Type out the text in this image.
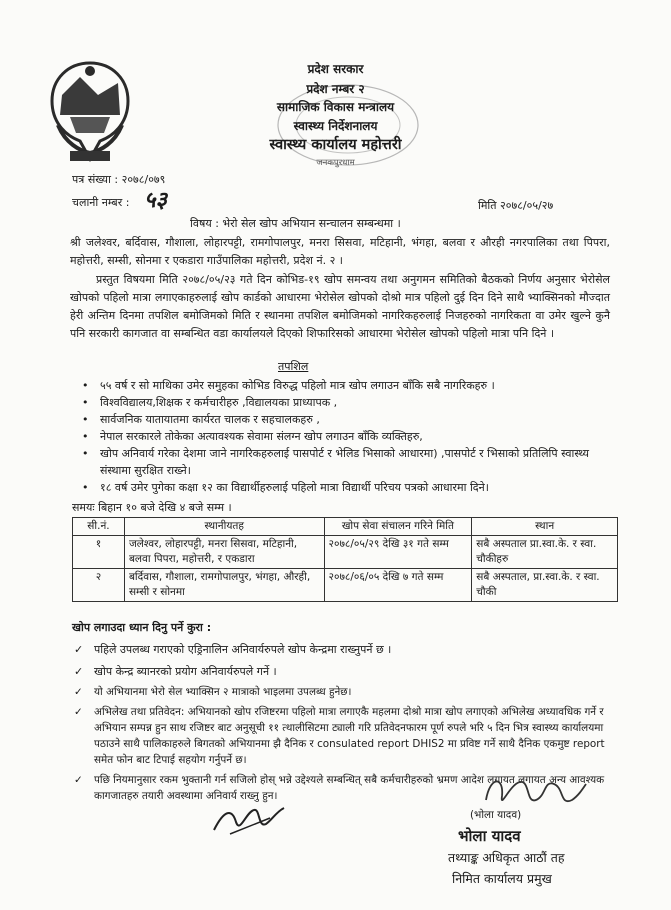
प्रदेश सरकार
प्रदेश नम्बर २
सामाजिक विकास मन्त्रालय
स्वास्थ्य निर्देशनालय
स्वास्थ्य कार्यालय महोत्तरी
जनकपुरधाम
पत्र संख्या : २०७८/०७९
चलानी नम्बर : ५३	मिति २०७८/०५/२७
विषय : भेरो सेल खोप अभियान सन्चालन सम्बन्धमा ।
श्री जलेश्वर, बर्दिवास, गौशाला, लोहारपट्टी, रामगोपालपुर, मनरा सिसवा, मटिहानी, भंगहा, बलवा र औरही नगरपालिका तथा पिपरा, महोत्तरी, सम्सी, सोनमा र एकडारा गाउँपालिका महोत्तरी, प्रदेश नं. २ ।
प्रस्तुत विषयमा मिति २०७८/०५/२३ गते दिन कोभिड-१९ खोप समन्वय तथा अनुगमन समितिको बैठकको निर्णय अनुसार भेरोसेल खोपको पहिलो मात्रा लगाएकाहरुलाई खोप कार्डको आधारमा भेरोसेल खोपको दोश्रो मात्र पहिलो दुई दिन दिने साथै भ्याक्सिनको मौज्दात हेरी अन्तिम दिनमा तपशिल बमोजिमको मिति र स्थानमा तपशिल बमोजिमको नागरिकहरुलाई निजहरुको नागरिकता वा उमेर खुल्ने कुनै पनि सरकारी कागजात वा सम्बन्धित वडा कार्यालयले दिएको शिफारिसको आधारमा भेरोसेल खोपको पहिलो मात्रा पनि दिने ।
तपशिल
• ५५ वर्ष र सो माथिका उमेर समुहका कोभिड विरुद्ध पहिलो मात्र खोप लगाउन बाँकि सबै नागरिकहरु ।
• विश्वविद्यालय,शिक्षक र कर्मचारीहरु ,विद्यालयका प्राध्यापक ,
• सार्वजनिक यातायातमा कार्यरत चालक र सहचालकहरु ,
• नेपाल सरकारले तोकेका अत्यावश्यक सेवामा संलग्न खोप लगाउन बाँकि व्यक्तिहरु,
• खोप अनिवार्य गरेका देशमा जाने नागरिकहरुलाई पासपोर्ट र भेलिड भिसाको आधारमा) ,पासपोर्ट र भिसाको प्रतिलिपि स्वास्थ्य संस्थामा सुरक्षित राख्ने।
• १८ वर्ष उमेर पुगेका कक्षा १२ का विद्यार्थीहरुलाई पहिलो मात्रा विद्यार्थी परिचय पत्रको आधारमा दिने।
समयः बिहान १० बजे देखि ४ बजे सम्म ।
सी.नं.	स्थानीयतह	खोप सेवा संचालन गरिने मिति	स्थान
१	जलेश्वर, लोहारपट्टी, मनरा सिसवा, मटिहानी, बलवा पिपरा, महोत्तरी, र एकडारा	२०७८/०५/२९ देखि ३१ गते सम्म	सबै अस्पताल प्रा.स्वा.के. र स्वा. चौकीहरु
२	बर्दिवास, गौशाला, रामगोपालपुर, भंगहा, औरही, सम्सी र सोनमा	२०७८/०६/०५ देखि ७ गते सम्म	सबै अस्पताल, प्रा.स्वा.के. र स्वा. चौकी
खोप लगाउदा ध्यान दिनु पर्ने कुरा :
✓ पहिले उपलब्ध गराएको एड्रिनालिन अनिवार्यरुपले खोप केन्द्रमा राख्नुपर्ने छ ।
✓ खोप केन्द्र ब्यानरको प्रयोग अनिवार्यरुपले गर्ने ।
✓ यो अभियानमा भेरो सेल भ्याक्सिन २ मात्राको भाइलमा उपलब्ध हुनेछ।
✓ अभिलेख तथा प्रतिवेदन: अभियानको खोप रजिष्टरमा पहिलो मात्रा लगाएकै महलमा दोश्रो मात्रा खोप लगाएको अभिलेख अध्यावधिक गर्ने र अभियान सम्पन्न हुन साथ रजिष्टर बाट अनुसूची ११ त्थालीसिटमा ट्याली गरि प्रतिवेदनफारम पूर्ण रुपले भरि ५ दिन भित्र स्वास्थ्य कार्यालयमा पठाउने साथै पालिकाहरुले बिगतको अभियानमा झै दैनिक र consulated report DHIS2 मा प्रविष्ट गर्ने साथै दैनिक एकमुष्ट report समेत फोन बाट टिपाई सहयोग गर्नुपर्ने छ।
✓ पछि नियमानुसार रकम भुक्तानी गर्न सजिलो होस् भन्ने उद्देश्यले सम्बन्धित् सबै कर्मचारीहरुको भ्रमण आदेश लगायत लगायत अन्य आवश्यक कागजातहरु तयारी अवस्थामा अनिवार्य राख्नु हुन।
(भोला यादव)
भोला यादव
तथ्याङ्क अधिकृत आठौं तह
निमित कार्यालय प्रमुख
